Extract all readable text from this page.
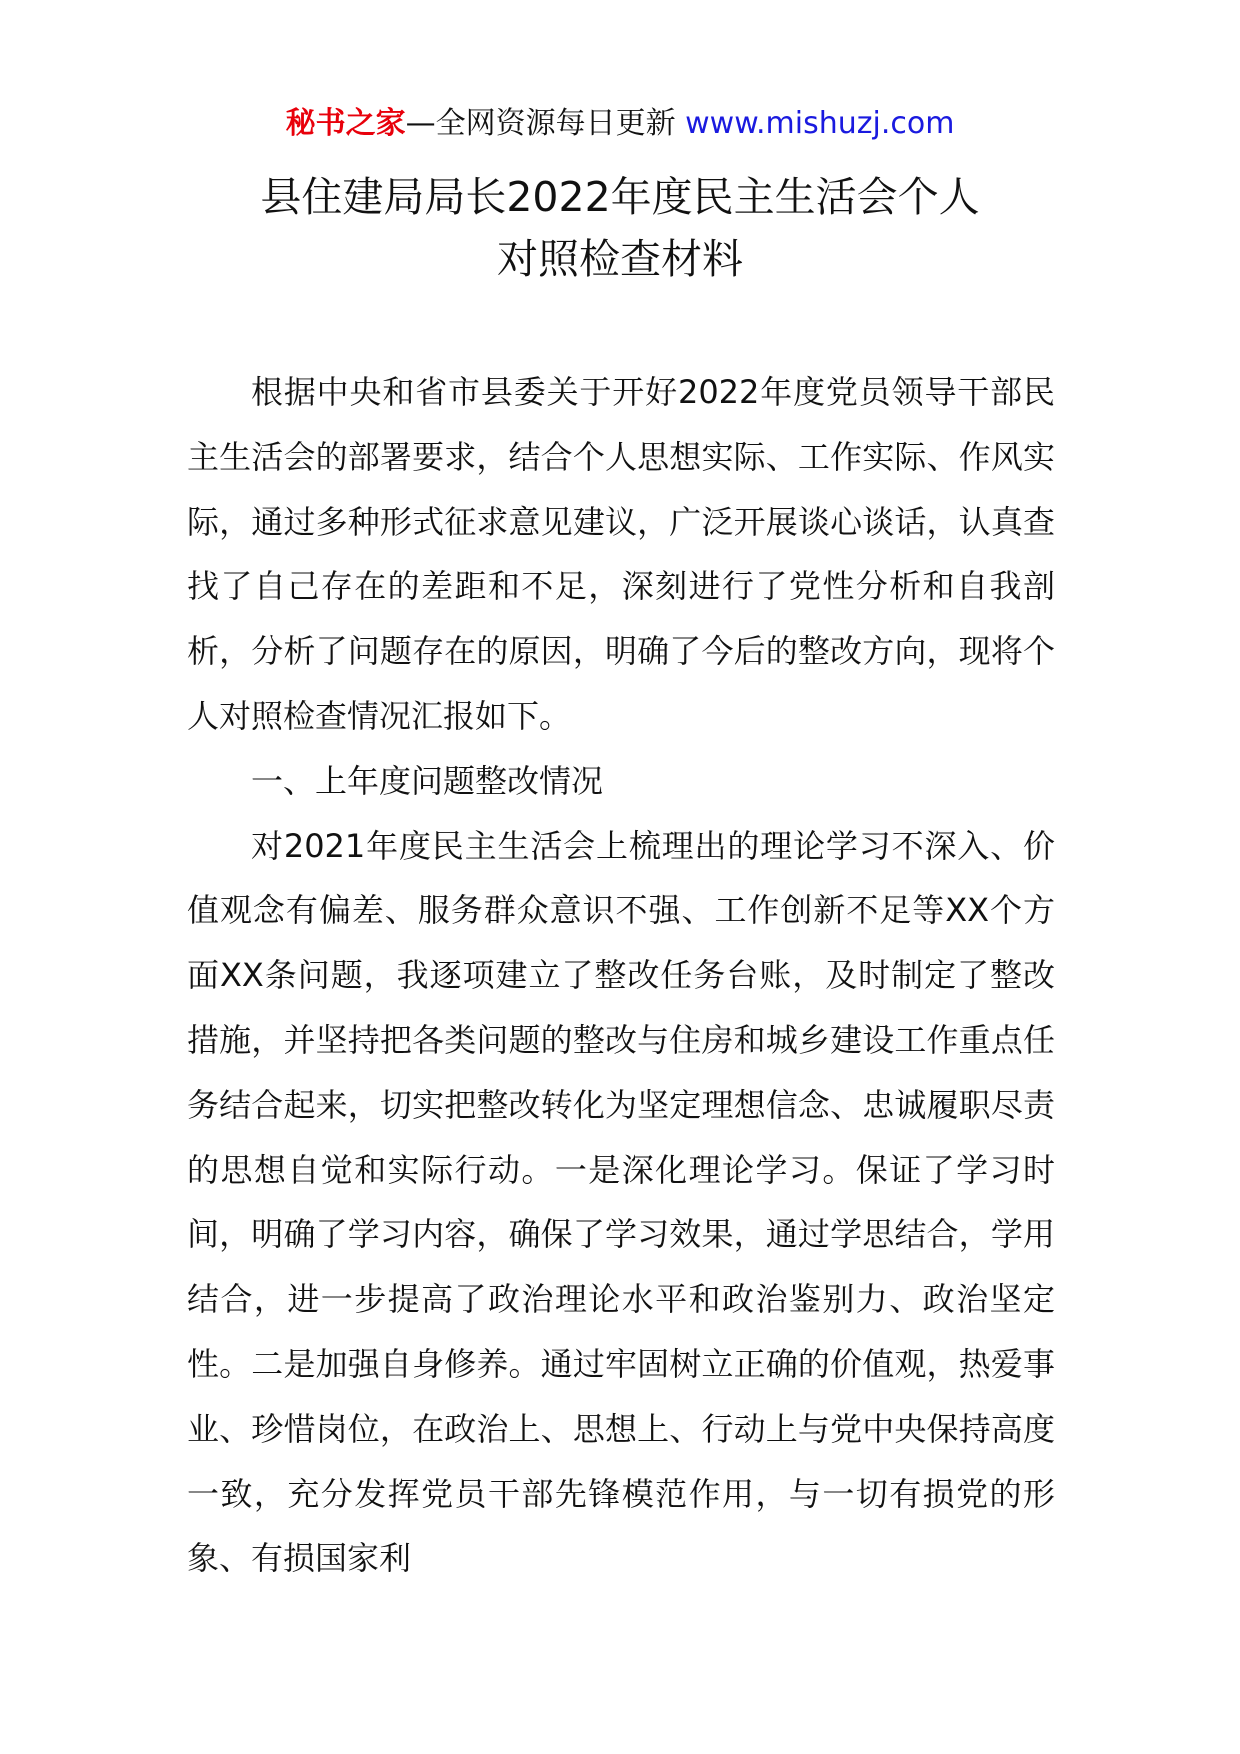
秘书之家—全网资源每日更新 www.mishuzj.com
县住建局局长2022年度民主生活会个人
对照检查材料

根据中央和省市县委关于开好2022年度党员领导干部民主生活会的部署要求，结合个人思想实际、工作实际、作风实际，通过多种形式征求意见建议，广泛开展谈心谈话，认真查找了自己存在的差距和不足，深刻进行了党性分析和自我剖析，分析了问题存在的原因，明确了今后的整改方向，现将个人对照检查情况汇报如下。

一、上年度问题整改情况

对2021年度民主生活会上梳理出的理论学习不深入、价值观念有偏差、服务群众意识不强、工作创新不足等XX个方面XX条问题，我逐项建立了整改任务台账，及时制定了整改措施，并坚持把各类问题的整改与住房和城乡建设工作重点任务结合起来，切实把整改转化为坚定理想信念、忠诚履职尽责的思想自觉和实际行动。一是深化理论学习。保证了学习时间，明确了学习内容，确保了学习效果，通过学思结合，学用结合，进一步提高了政治理论水平和政治鉴别力、政治坚定性。二是加强自身修养。通过牢固树立正确的价值观，热爱事业、珍惜岗位，在政治上、思想上、行动上与党中央保持高度一致，充分发挥党员干部先锋模范作用，与一切有损党的形象、有损国家利
